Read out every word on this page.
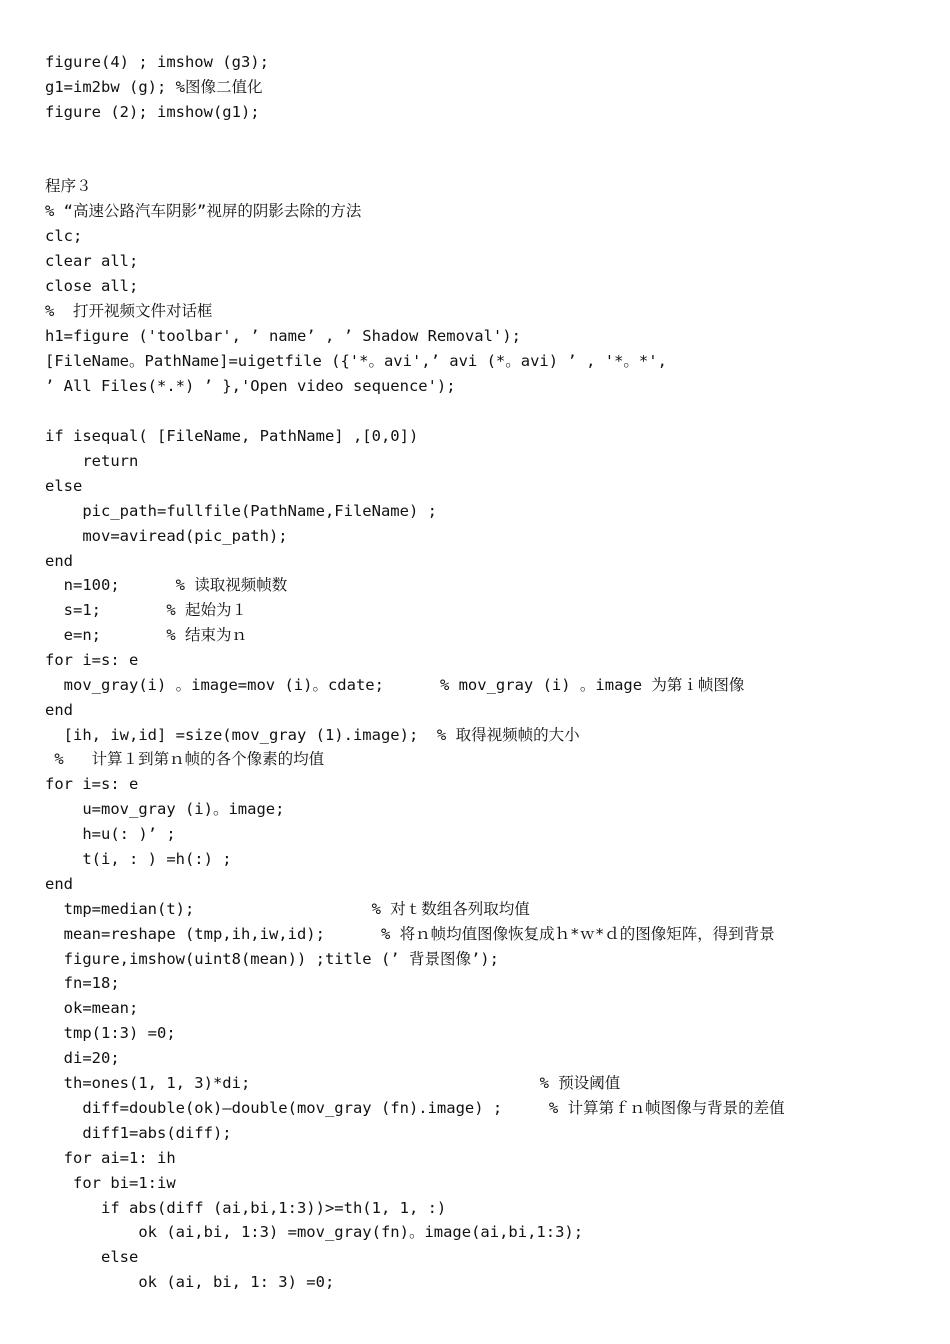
figure(4) ; imshow (g3);
g1=im2bw (g); %图像二值化
figure (2); imshow(g1);
程序３
% “高速公路汽车阴影”视屏的阴影去除的方法
clc;
clear all;
close all;
%  打开视频文件对话框
h1=figure ('toolbar', ’ name’ , ’ Shadow Removal');
[FileName。PathName]=uigetfile ({'*。avi',’ avi (*。avi) ’ , '*。*',
’ All Files(*.*) ’ },'Open video sequence');
if isequal( [FileName, PathName] ,[0,0])
return
else
pic_path=fullfile(PathName,FileName) ;
mov=aviread(pic_path);
end
n=100;      % 读取视频帧数
s=1;       % 起始为１
e=n;       % 结束为ｎ
for i=s: e
mov_gray(i) 。image=mov (i)。cdate;      % mov_gray (i) 。image 为第ｉ帧图像
end
[ih, iw,id] =size(mov_gray (1).image);  % 取得视频帧的大小
%   计算１到第ｎ帧的各个像素的均值
for i=s: e
u=mov_gray (i)。image;
h=u(: )’ ;
t(i, : ) =h(:) ;
end
tmp=median(t);                   % 对ｔ数组各列取均值
mean=reshape (tmp,ih,iw,id);      % 将ｎ帧均值图像恢复成ｈ*ｗ*ｄ的图像矩阵，得到背景
figure,imshow(uint8(mean)) ;title (’ 背景图像’);
fn=18;
ok=mean;
tmp(1:3) =0;
di=20;
th=ones(1, 1, 3)*di;                               % 预设阈值
diff=double(ok)—double(mov_gray (fn).image) ;     % 计算第ｆｎ帧图像与背景的差值
diff1=abs(diff);
for ai=1: ih
for bi=1:iw
if abs(diff (ai,bi,1:3))>=th(1, 1, :)
ok (ai,bi, 1:3) =mov_gray(fn)。image(ai,bi,1:3);
else
ok (ai, bi, 1: 3) =0;
